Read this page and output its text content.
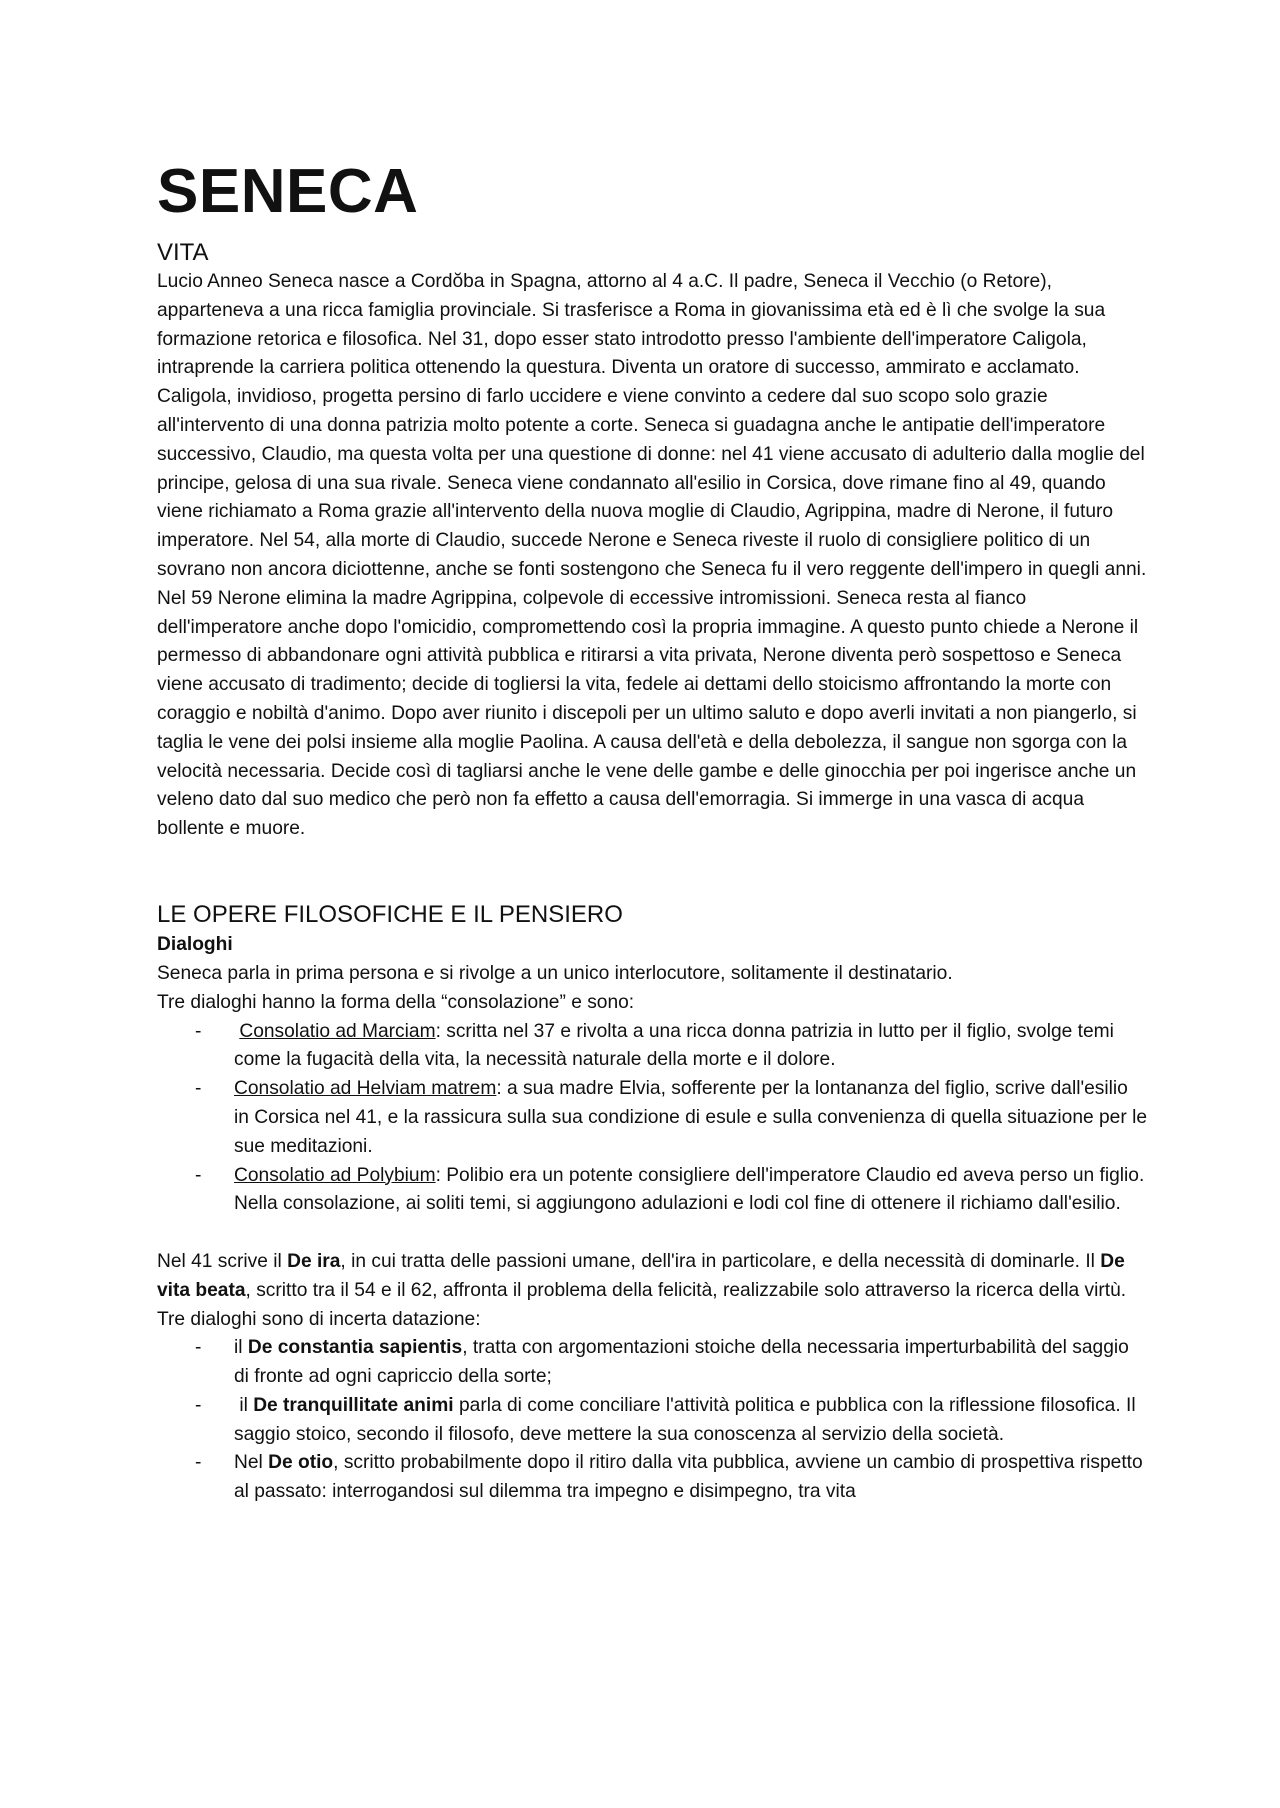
SENECA
VITA

Lucio Anneo Seneca nasce a Cordŏba in Spagna, attorno al 4 a.C. Il padre, Seneca il Vecchio (o Retore), apparteneva a una ricca famiglia provinciale. Si trasferisce a Roma in giovanissima età ed è lì che svolge la sua formazione retorica e filosofica. Nel 31, dopo esser stato introdotto presso l'ambiente dell'imperatore Caligola, intraprende la carriera politica ottenendo la questura. Diventa un oratore di successo, ammirato e acclamato. Caligola, invidioso, progetta persino di farlo uccidere e viene convinto a cedere dal suo scopo solo grazie all'intervento di una donna patrizia molto potente a corte. Seneca si guadagna anche le antipatie dell'imperatore successivo, Claudio, ma questa volta per una questione di donne: nel 41 viene accusato di adulterio dalla moglie del principe, gelosa di una sua rivale. Seneca viene condannato all'esilio in Corsica, dove rimane fino al 49, quando viene richiamato a Roma grazie all'intervento della nuova moglie di Claudio, Agrippina, madre di Nerone, il futuro imperatore. Nel 54, alla morte di Claudio, succede Nerone e Seneca riveste il ruolo di consigliere politico di un sovrano non ancora diciottenne, anche se fonti sostengono che Seneca fu il vero reggente dell'impero in quegli anni. Nel 59 Nerone elimina la madre Agrippina, colpevole di eccessive intromissioni. Seneca resta al fianco dell'imperatore anche dopo l'omicidio, compromettendo così la propria immagine. A questo punto chiede a Nerone il permesso di abbandonare ogni attività pubblica e ritirarsi a vita privata, Nerone diventa però sospettoso e Seneca viene accusato di tradimento; decide di togliersi la vita, fedele ai dettami dello stoicismo affrontando la morte con coraggio e nobiltà d'animo. Dopo aver riunito i discepoli per un ultimo saluto e dopo averli invitati a non piangerlo, si taglia le vene dei polsi insieme alla moglie Paolina. A causa dell'età e della debolezza, il sangue non sgorga con la velocità necessaria. Decide così di tagliarsi anche le vene delle gambe e delle ginocchia per poi ingerisce anche un veleno dato dal suo medico che però non fa effetto a causa dell'emorragia. Si immerge in una vasca di acqua bollente e muore.

LE OPERE FILOSOFICHE E IL PENSIERO
Dialoghi

Seneca parla in prima persona e si rivolge a un unico interlocutore, solitamente il destinatario.

Tre dialoghi hanno la forma della “consolazione” e sono:

- Consolatio ad Marciam: scritta nel 37 e rivolta a una ricca donna patrizia in lutto per il figlio, svolge temi come la fugacità della vita, la necessità naturale della morte e il dolore.
- Consolatio ad Helviam matrem: a sua madre Elvia, sofferente per la lontananza del figlio, scrive dall'esilio in Corsica nel 41, e la rassicura sulla sua condizione di esule e sulla convenienza di quella situazione per le sue meditazioni.
- Consolatio ad Polybium: Polibio era un potente consigliere dell'imperatore Claudio ed aveva perso un figlio. Nella consolazione, ai soliti temi, si aggiungono adulazioni e lodi col fine di ottenere il richiamo dall'esilio.

Nel 41 scrive il De ira, in cui tratta delle passioni umane, dell'ira in particolare, e della necessità di dominarle. Il De vita beata, scritto tra il 54 e il 62, affronta il problema della felicità, realizzabile solo attraverso la ricerca della virtù.

Tre dialoghi sono di incerta datazione:

- il De constantia sapientis, tratta con argomentazioni stoiche della necessaria imperturbabilità del saggio di fronte ad ogni capriccio della sorte;
- il De tranquillitate animi parla di come conciliare l'attività politica e pubblica con la riflessione filosofica. Il saggio stoico, secondo il filosofo, deve mettere la sua conoscenza al servizio della società.
- Nel De otio, scritto probabilmente dopo il ritiro dalla vita pubblica, avviene un cambio di prospettiva rispetto al passato: interrogandosi sul dilemma tra impegno e disimpegno, tra vita
